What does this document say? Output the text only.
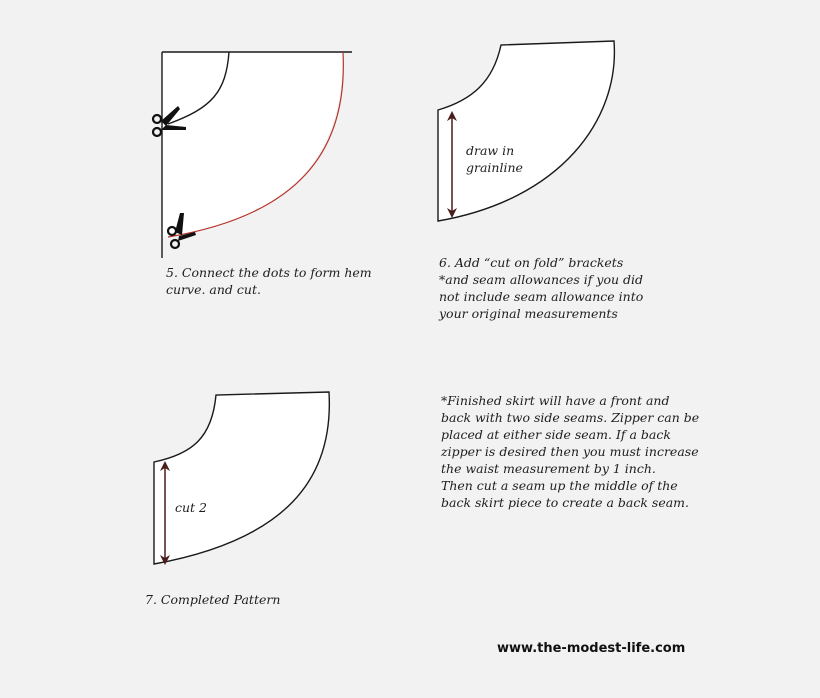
5. Connect the dots to form hem
curve. and cut.
6. Add “cut on fold” brackets
*and seam allowances if you did
not include seam allowance into
your original measurements
draw in
grainline
cut 2
7. Completed Pattern
*Finished skirt will have a front and
back with two side seams. Zipper can be
placed at either side seam. If a back
zipper is desired then you must increase
the waist measurement by 1 inch.
Then cut a seam up the middle of the
back skirt piece to create a back seam.
www.the-modest-life.com
